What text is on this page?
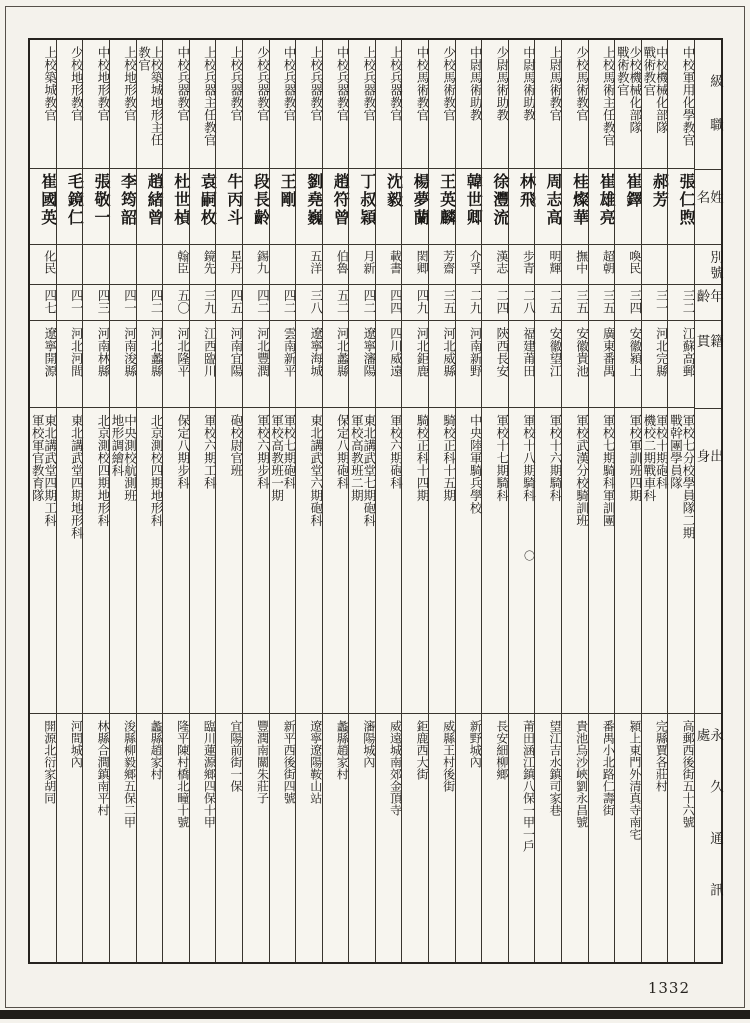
級職
姓名
別號
年齡
籍貫
出身
永久通訊處
中校軍用化學教官
張仁煦
三二
江蘇高郵
軍校七分校學員隊二期
戰幹團學員隊
高郵西後街五十六號
中校機械化部隊
戰術教官
郝芳
三一
河北完縣
軍校十期砲科
機校二期戰車科
完縣賈各莊村
少校機械化部隊
戰術教官
崔鐸
喚民
三四
安徽潁上
軍校軍訓班四期
潁上東門外清真寺南宅
上校馬術主任教官
崔雄亮
超朝
三五
廣東番禺
軍校七期騎科軍訓團
番禺小北路仁壽街
少校馬術教官
桂燦華
撫中
三五
安徽貴池
軍校武漢分校騎訓班
貴池烏沙峽劉永昌號
上尉馬術教官
周志高
明輝
二五
安徽望江
軍校十六期騎科
望江吉水鎮司家巷
中尉馬術助教
林飛
步青
二八
福建莆田
軍校十八期騎科〇
莆田涵江鎮八保一甲一戶
少尉馬術助教
徐灃流
漢志
二四
陝西長安
軍校十七期騎科
長安細柳鄉
中尉馬術助教
韓世卿
介孚
二九
河南新野
中央陸軍騎兵學校
新野城內
少校馬術教官
王英麟
芳齋
三五
河北威縣
騎校正科十五期
威縣王村後街
中校馬術教官
楊夢蘭
閎卿
四九
河北鉅鹿
騎校正科十四期
鉅鹿西大街
上校兵器教官
沈毅
載書
四四
四川威遠
軍校六期砲科
威遠城南郊金頂寺
上校兵器教官
丁叔穎
月新
四二
遼寧瀋陽
東北講武堂七期砲科
軍校高教班二期
瀋陽城內
中校兵器教官
趙符曾
伯魯
五二
河北蠡縣
保定八期砲科
蠡縣趙家村
上校兵器教官
劉堯巍
五洋
三八
遼寧海城
東北講武堂六期砲科
遼寧遼陽鞍山站
中校兵器教官
王剛
四二
雲南新平
軍校七期砲科
軍校高教班一期
新平西後街四號
少校兵器教官
段長齡
錫九
四二
河北豐潤
軍校六期步科
豐潤南關朱莊子
上校兵器教官
牛丙斗
星丹
四五
河南宜陽
砲校尉官班
宜陽前街一保
上校兵器主任教官
袁嗣枚
鏡先
三九
江西臨川
軍校六期工科
臨川蓮源鄉四保十甲
中校兵器教官
杜世楨
翰臣
五〇
河北隆平
保定八期步科
隆平陳村橋北疃十號
上校築城地形主任
教官
趙緒曾
四二
河北蠡縣
北京測校四期地形科
蠡縣趙家村
上校地形教官
李筠韶
四一
河南浚縣
中央測校航測班
地形調繪科
浚縣柳毅鄉五保二甲
中校地形教官
張敬一
四三
河南林縣
北京測校四期地形科
林縣合澗鎮南平村
少校地形教官
毛鏡仁
四一
河北河間
東北講武堂四期地形科
河間城內
上校築城教官
崔國英
化民
四七
遼寧開源
東北講武堂四期工科
軍校軍官教育隊
開源北衍家胡同
1332
